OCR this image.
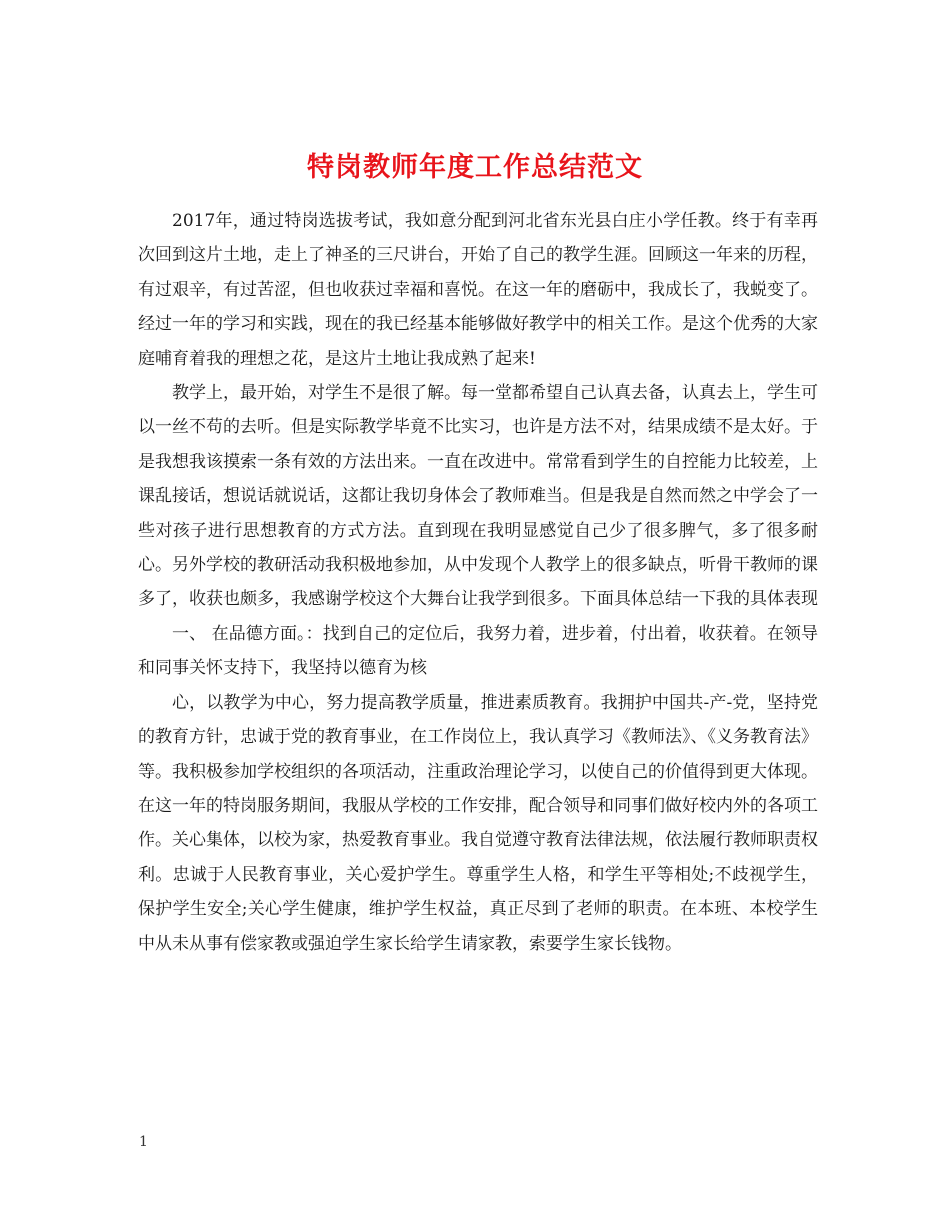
特岗教师年度工作总结范文

2017年，通过特岗选拔考试，我如意分配到河北省东光县白庄小学任教。终于有幸再次回到这片土地，走上了神圣的三尺讲台，开始了自己的教学生涯。回顾这一年来的历程，有过艰辛，有过苦涩，但也收获过幸福和喜悦。在这一年的磨砺中，我成长了，我蜕变了。经过一年的学习和实践，现在的我已经基本能够做好教学中的相关工作。是这个优秀的大家庭哺育着我的理想之花，是这片土地让我成熟了起来!

教学上，最开始，对学生不是很了解。每一堂都希望自己认真去备，认真去上，学生可以一丝不苟的去听。但是实际教学毕竟不比实习，也许是方法不对，结果成绩不是太好。于是我想我该摸索一条有效的方法出来。一直在改进中。常常看到学生的自控能力比较差，上课乱接话，想说话就说话，这都让我切身体会了教师难当。但是我是自然而然之中学会了一些对孩子进行思想教育的方式方法。直到现在我明显感觉自己少了很多脾气，多了很多耐心。另外学校的教研活动我积极地参加，从中发现个人教学上的很多缺点，听骨干教师的课多了，收获也颇多，我感谢学校这个大舞台让我学到很多。下面具体总结一下我的具体表现

一、 在品德方面。：找到自己的定位后，我努力着，进步着，付出着，收获着。在领导和同事关怀支持下，我坚持以德育为核

心，以教学为中心，努力提高教学质量，推进素质教育。我拥护中国共-产-党，坚持党的教育方针，忠诚于党的教育事业，在工作岗位上，我认真学习《教师法》、《义务教育法》等。我积极参加学校组织的各项活动，注重政治理论学习，以使自己的价值得到更大体现。在这一年的特岗服务期间，我服从学校的工作安排，配合领导和同事们做好校内外的各项工作。关心集体，以校为家，热爱教育事业。我自觉遵守教育法律法规，依法履行教师职责权利。忠诚于人民教育事业，关心爱护学生。尊重学生人格，和学生平等相处;不歧视学生，保护学生安全;关心学生健康，维护学生权益，真正尽到了老师的职责。在本班、本校学生中从未从事有偿家教或强迫学生家长给学生请家教，索要学生家长钱物。

1
